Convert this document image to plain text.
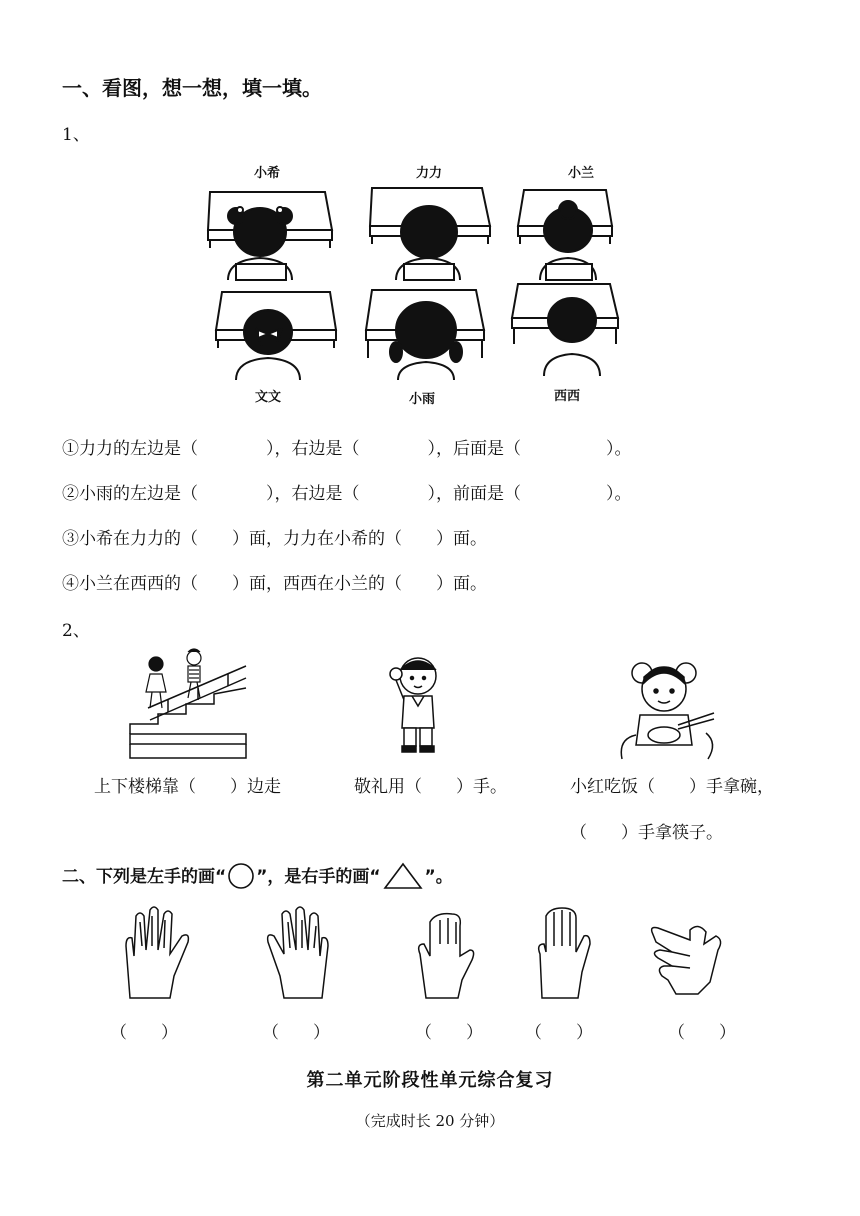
一、看图，想一想，填一填。
1、
小希	力力	小兰
文文	小雨	西西
①力力的左边是（　　　　），右边是（　　　　），后面是（　　　　　）。
②小雨的左边是（　　　　），右边是（　　　　），前面是（　　　　　）。
③小希在力力的（　　）面，力力在小希的（　　）面。
④小兰在西西的（　　）面，西西在小兰的（　　）面。
2、
上下楼梯靠（　　）边走	敬礼用（　　）手。	小红吃饭（　　）手拿碗，
（　　）手拿筷子。
二、下列是左手的画“ ”，是右手的画“	”。
（　　）	（　　）	（　　） （　　）	（　　）
第二单元阶段性单元综合复习
（完成时长 20 分钟）
